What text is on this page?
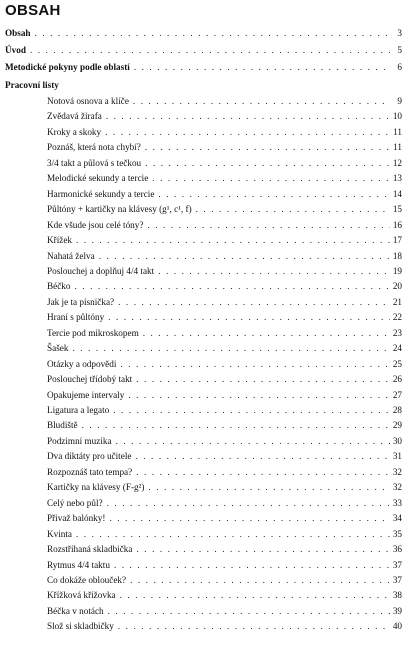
OBSAH
Obsah . . .	3
Úvod . . .	5
Metodické pokyny podle oblastí . . .	6
Pracovní listy
Notová osnova a klíče . . .	9
Zvědavá žirafa . . .	10
Kroky a skoky . . .	11
Poznáš, která nota chybí? . . .	11
3/4 takt a půlová s tečkou . . .	12
Melodické sekundy a tercie . . .	13
Harmonické sekundy a tercie . . .	14
Půltóny + kartičky na klávesy (g¹, c¹, f) . . .	15
Kde všude jsou celé tóny? . . .	16
Křížek . . .	17
Nahatá želva . . .	18
Poslouchej a doplňuj 4/4 takt . . .	19
Béčko . . .	20
Jak je ta písnička? . . .	21
Hraní s půltóny . . .	22
Tercie pod mikroskopem . . .	23
Šašek . . .	24
Otázky a odpovědi . . .	25
Poslouchej třídobý takt . . .	26
Opakujeme intervaly . . .	27
Ligatura a legato . . .	28
Bludiště . . .	29
Podzimní muzika . . .	30
Dva diktáty pro učitele . . .	31
Rozpoznáš tato tempa? . . .	32
Kartičky na klávesy (F-g²) . . .	32
Celý nebo půl? . . .	33
Přivaž balónky! . . .	34
Kvinta . . .	35
Rozstříhaná skladbička . . .	36
Rytmus 4/4 taktu . . .	37
Co dokáže oblouček? . . .	37
Křížková křížovka . . .	38
Béčka v notách . . .	39
Slož si skladbičky . . .	40
